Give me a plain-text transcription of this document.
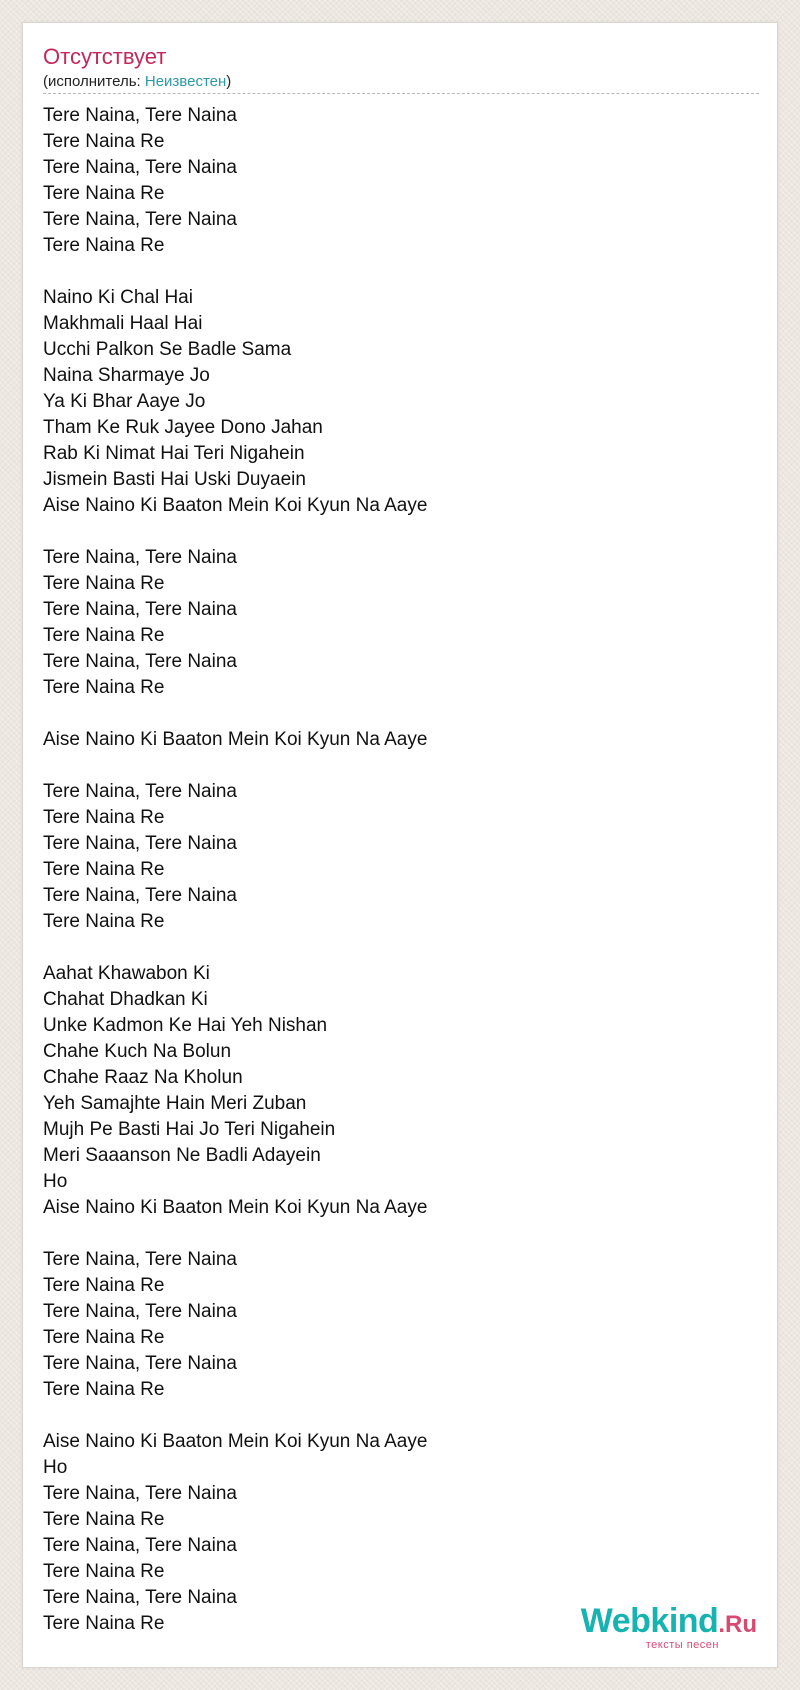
Отсутствует
(исполнитель: Неизвестен)
Tere Naina, Tere Naina
Tere Naina Re
Tere Naina, Tere Naina
Tere Naina Re
Tere Naina, Tere Naina
Tere Naina Re
Naino Ki Chal Hai
Makhmali Haal Hai
Ucchi Palkon Se Badle Sama
Naina Sharmaye Jo
Ya Ki Bhar Aaye Jo
Tham Ke Ruk Jayee Dono Jahan
Rab Ki Nimat Hai Teri Nigahein
Jismein Basti Hai Uski Duyaein
Aise Naino Ki Baaton Mein Koi Kyun Na Aaye
Tere Naina, Tere Naina
Tere Naina Re
Tere Naina, Tere Naina
Tere Naina Re
Tere Naina, Tere Naina
Tere Naina Re
Aise Naino Ki Baaton Mein Koi Kyun Na Aaye
Tere Naina, Tere Naina
Tere Naina Re
Tere Naina, Tere Naina
Tere Naina Re
Tere Naina, Tere Naina
Tere Naina Re
Aahat Khawabon Ki
Chahat Dhadkan Ki
Unke Kadmon Ke Hai Yeh Nishan
Chahe Kuch Na Bolun
Chahe Raaz Na Kholun
Yeh Samajhte Hain Meri Zuban
Mujh Pe Basti Hai Jo Teri Nigahein
Meri Saaanson Ne Badli Adayein
Ho
Aise Naino Ki Baaton Mein Koi Kyun Na Aaye
Tere Naina, Tere Naina
Tere Naina Re
Tere Naina, Tere Naina
Tere Naina Re
Tere Naina, Tere Naina
Tere Naina Re
Aise Naino Ki Baaton Mein Koi Kyun Na Aaye
Ho
Tere Naina, Tere Naina
Tere Naina Re
Tere Naina, Tere Naina
Tere Naina Re
Tere Naina, Tere Naina
Tere Naina Re	Webkind.Ru
тексты песен
